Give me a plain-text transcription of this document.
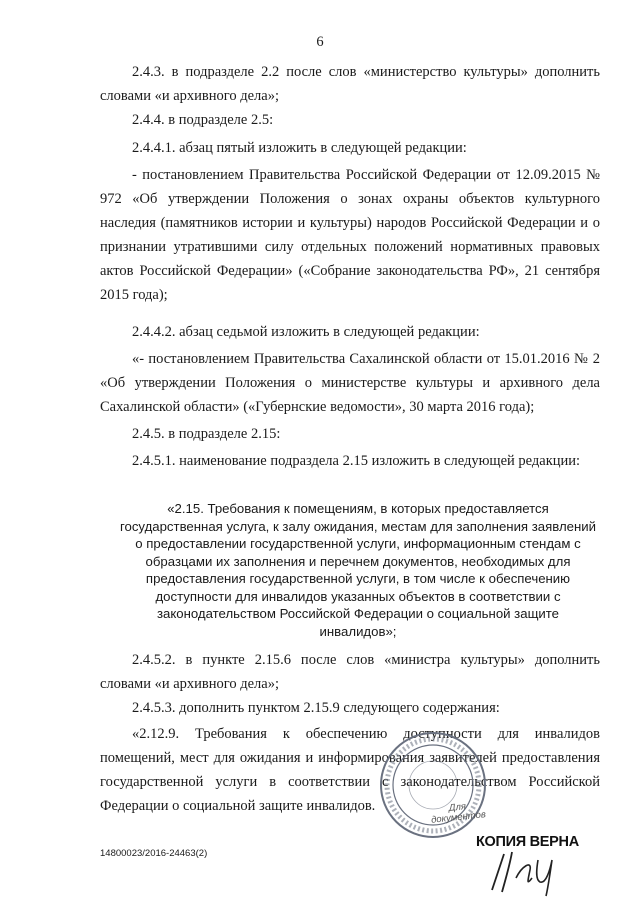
6

2.4.3. в подразделе 2.2 после слов «министерство культуры» дополнить словами «и архивного дела»;

2.4.4. в подразделе 2.5:

2.4.4.1. абзац пятый изложить в следующей редакции:

- постановлением Правительства Российской Федерации от 12.09.2015 № 972 «Об утверждении Положения о зонах охраны объектов культурного наследия (памятников истории и культуры) народов Российской Федерации и о признании утратившими силу отдельных положений нормативных правовых актов Российской Федерации» («Собрание законодательства РФ», 21 сентября 2015 года);

2.4.4.2. абзац седьмой изложить в следующей редакции:

«- постановлением Правительства Сахалинской области от 15.01.2016 № 2 «Об утверждении Положения о министерстве культуры и архивного дела Сахалинской области» («Губернские ведомости», 30 марта 2016 года);

2.4.5. в подразделе 2.15:

2.4.5.1. наименование подраздела 2.15 изложить в следующей редакции:

«2.15. Требования к помещениям, в которых предоставляется государственная услуга, к залу ожидания, местам для заполнения заявлений о предоставлении государственной услуги, информационным стендам с образцами их заполнения и перечнем документов, необходимых для предоставления государственной услуги, в том числе к обеспечению доступности для инвалидов указанных объектов в соответствии с законодательством Российской Федерации о социальной защите инвалидов»;

2.4.5.2. в пункте 2.15.6 после слов «министра культуры» дополнить словами «и архивного дела»;

2.4.5.3. дополнить пунктом 2.15.9 следующего содержания:

«2.12.9. Требования к обеспечению доступности для инвалидов помещений, мест для ожидания и информирования заявителей предоставления государственной услуги в соответствии с законодательством Российской Федерации о социальной защите инвалидов.	Для документов
КОПИЯ ВЕРНА
14800023/2016-24463(2)
